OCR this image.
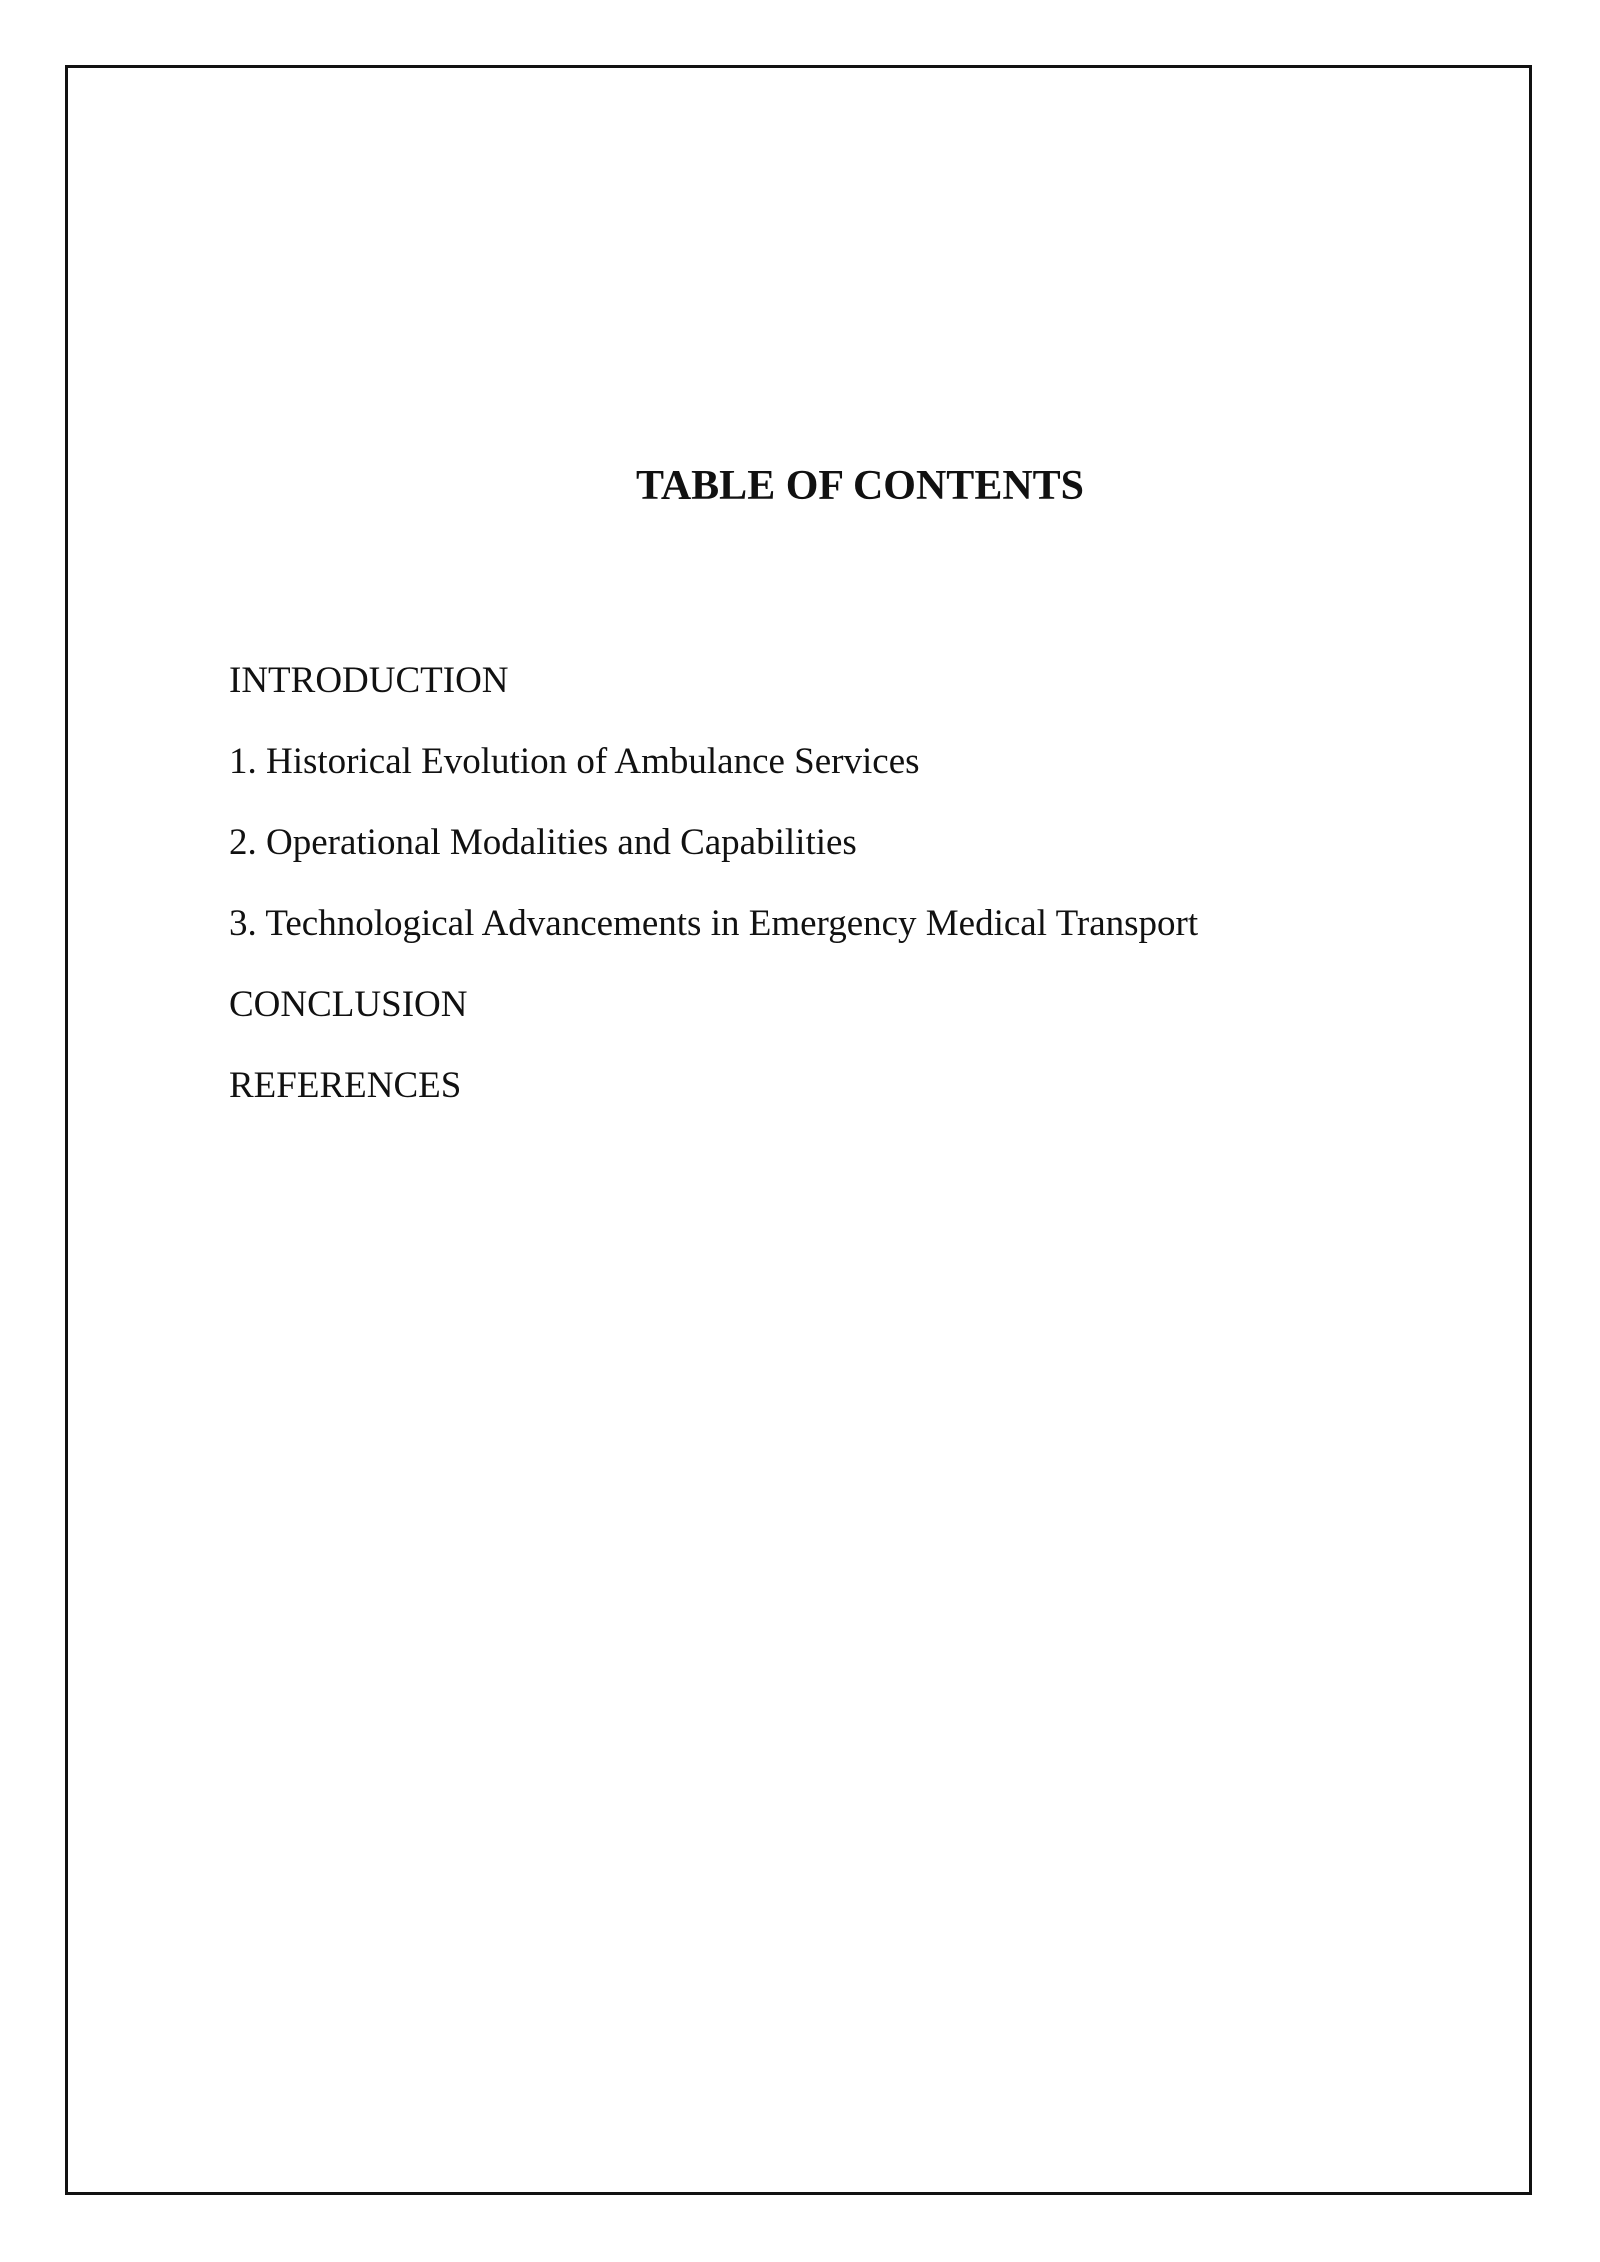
TABLE OF CONTENTS
INTRODUCTION
1. Historical Evolution of Ambulance Services
2. Operational Modalities and Capabilities
3. Technological Advancements in Emergency Medical Transport
CONCLUSION
REFERENCES
